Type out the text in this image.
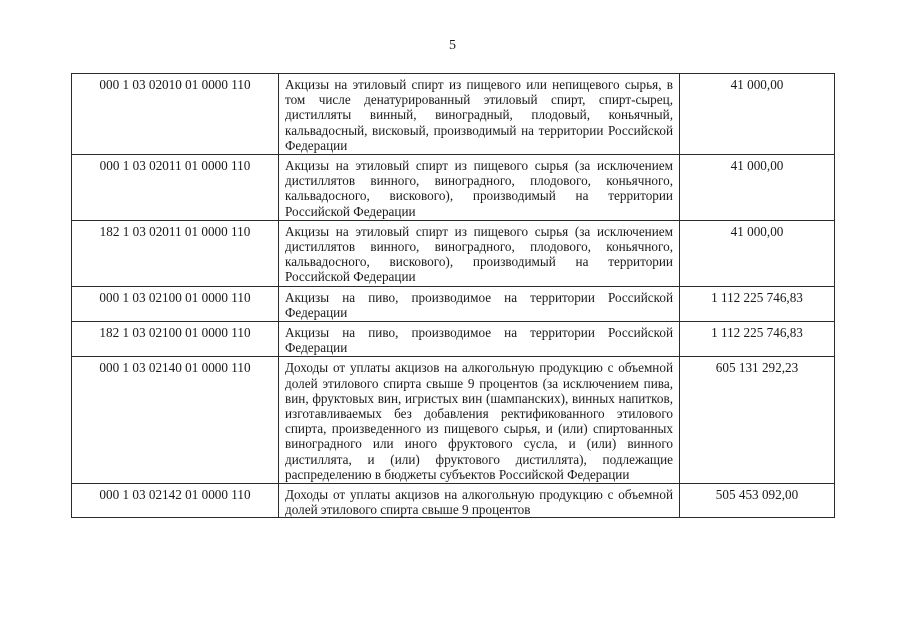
5
000 1 03 02010 01 0000 110	Акцизы на этиловый спирт из пищевого или непищевого сырья, в том числе денатурированный этиловый спирт, спирт-сырец, дистилляты винный, виноградный, плодовый, коньячный, кальвадосный, висковый, производимый на территории Российской Федерации	41 000,00
000 1 03 02011 01 0000 110	Акцизы на этиловый спирт из пищевого сырья (за исключением дистиллятов винного, виноградного, плодового, коньячного, кальвадосного, вискового), производимый на территории Российской Федерации	41 000,00
182 1 03 02011 01 0000 110	Акцизы на этиловый спирт из пищевого сырья (за исключением дистиллятов винного, виноградного, плодового, коньячного, кальвадосного, вискового), производимый на территории Российской Федерации	41 000,00
000 1 03 02100 01 0000 110	Акцизы на пиво, производимое на территории Российской Федерации	1 112 225 746,83
182 1 03 02100 01 0000 110	Акцизы на пиво, производимое на территории Российской Федерации	1 112 225 746,83
000 1 03 02140 01 0000 110	Доходы от уплаты акцизов на алкогольную продукцию с объемной долей этилового спирта свыше 9 процентов (за исключением пива, вин, фруктовых вин, игристых вин (шампанских), винных напитков, изготавливаемых без добавления ректификованного этилового спирта, произведенного из пищевого сырья, и (или) спиртованных виноградного или иного фруктового сусла, и (или) винного дистиллята, и (или) фруктового дистиллята), подлежащие распределению в бюджеты субъектов Российской Федерации	605 131 292,23
000 1 03 02142 01 0000 110	Доходы от уплаты акцизов на алкогольную продукцию с объемной долей этилового спирта свыше 9 процентов	505 453 092,00
